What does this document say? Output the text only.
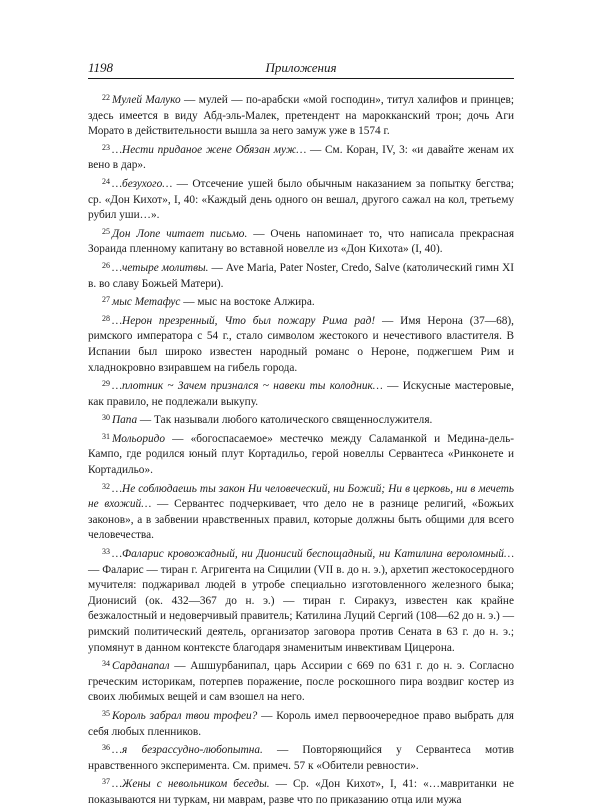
1198	Приложения

$^{22}$ Мулей Малуко — мулей — по-арабски «мой господин», титул халифов и принцев; здесь имеется в виду Абд-эль-Малек, претендент на марокканский трон; дочь Аги Морато в действительности вышла за него замуж уже в 1574 г.

$^{23}$ …Нести приданое жене Обязан муж… — См. Коран, IV, 3: «и давайте женам их вено в дар».

$^{24}$ …безухого… — Отсечение ушей было обычным наказанием за попытку бегства; ср. «Дон Кихот», I, 40: «Каждый день одного он вешал, другого сажал на кол, третьему рубил уши…».

$^{25}$ Дон Лопе читает письмо. — Очень напоминает то, что написала прекрасная Зораида пленному капитану во вставной новелле из «Дон Кихота» (I, 40).

$^{26}$ …четыре молитвы. — Ave Maria, Pater Noster, Credo, Salve (католический гимн XI в. во славу Божьей Матери).

$^{27}$ мыс Метафус — мыс на востоке Алжира.

$^{28}$ …Нерон презренный, Что был пожару Рима рад! — Имя Нерона (37—68), римского императора с 54 г., стало символом жестокого и нечестивого властителя. В Испании был широко известен народный романс о Нероне, поджегшем Рим и хладнокровно взиравшем на гибель города.

$^{29}$ …плотник ~ Зачем признался ~ навеки ты колодник… — Искусные мастеровые, как правило, не подлежали выкупу.

$^{30}$ Папа — Так называли любого католического священнослужителя.

$^{31}$ Мольоридо — «богоспасаемое» местечко между Саламанкой и Медина-дель-Кампо, где родился юный плут Кортадильо, герой новеллы Сервантеса «Ринконете и Кортадильо».

$^{32}$ …Не соблюдаешь ты закон Ни человеческий, ни Божий; Ни в церковь, ни в мечеть не вхожий… — Сервантес подчеркивает, что дело не в разнице религий, «Божьих законов», а в забвении нравственных правил, которые должны быть общими для всего человечества.

$^{33}$ …Фаларис кровожадный, ни Дионисий беспощадный, ни Катилина вероломный… — Фаларис — тиран г. Агригента на Сицилии (VII в. до н. э.), архетип жестокосердного мучителя: поджаривал людей в утробе специально изготовленного железного быка; Дионисий (ок. 432—367 до н. э.) — тиран г. Сиракуз, известен как крайне безжалостный и недоверчивый правитель; Катилина Луций Сергий (108—62 до н. э.) — римский политический деятель, организатор заговора против Сената в 63 г. до н. э.; упомянут в данном контексте благодаря знаменитым инвективам Цицерона.

$^{34}$ Сарданапал — Ашшурбанипал, царь Ассирии с 669 по 631 г. до н. э. Согласно греческим историкам, потерпев поражение, после роскошного пира воздвиг костер из своих любимых вещей и сам взошел на него.

$^{35}$ Король забрал твои трофеи? — Король имел первоочередное право выбрать для себя любых пленников.

$^{36}$ …я безрассудно-любопытна. — Повторяющийся у Сервантеса мотив нравственного эксперимента. См. примеч. 57 к «Обители ревности».

$^{37}$ …Жены с невольником беседы. — Ср. «Дон Кихот», I, 41: «…мавританки не показываются ни туркам, ни маврам, разве что по приказанию отца или мужа
